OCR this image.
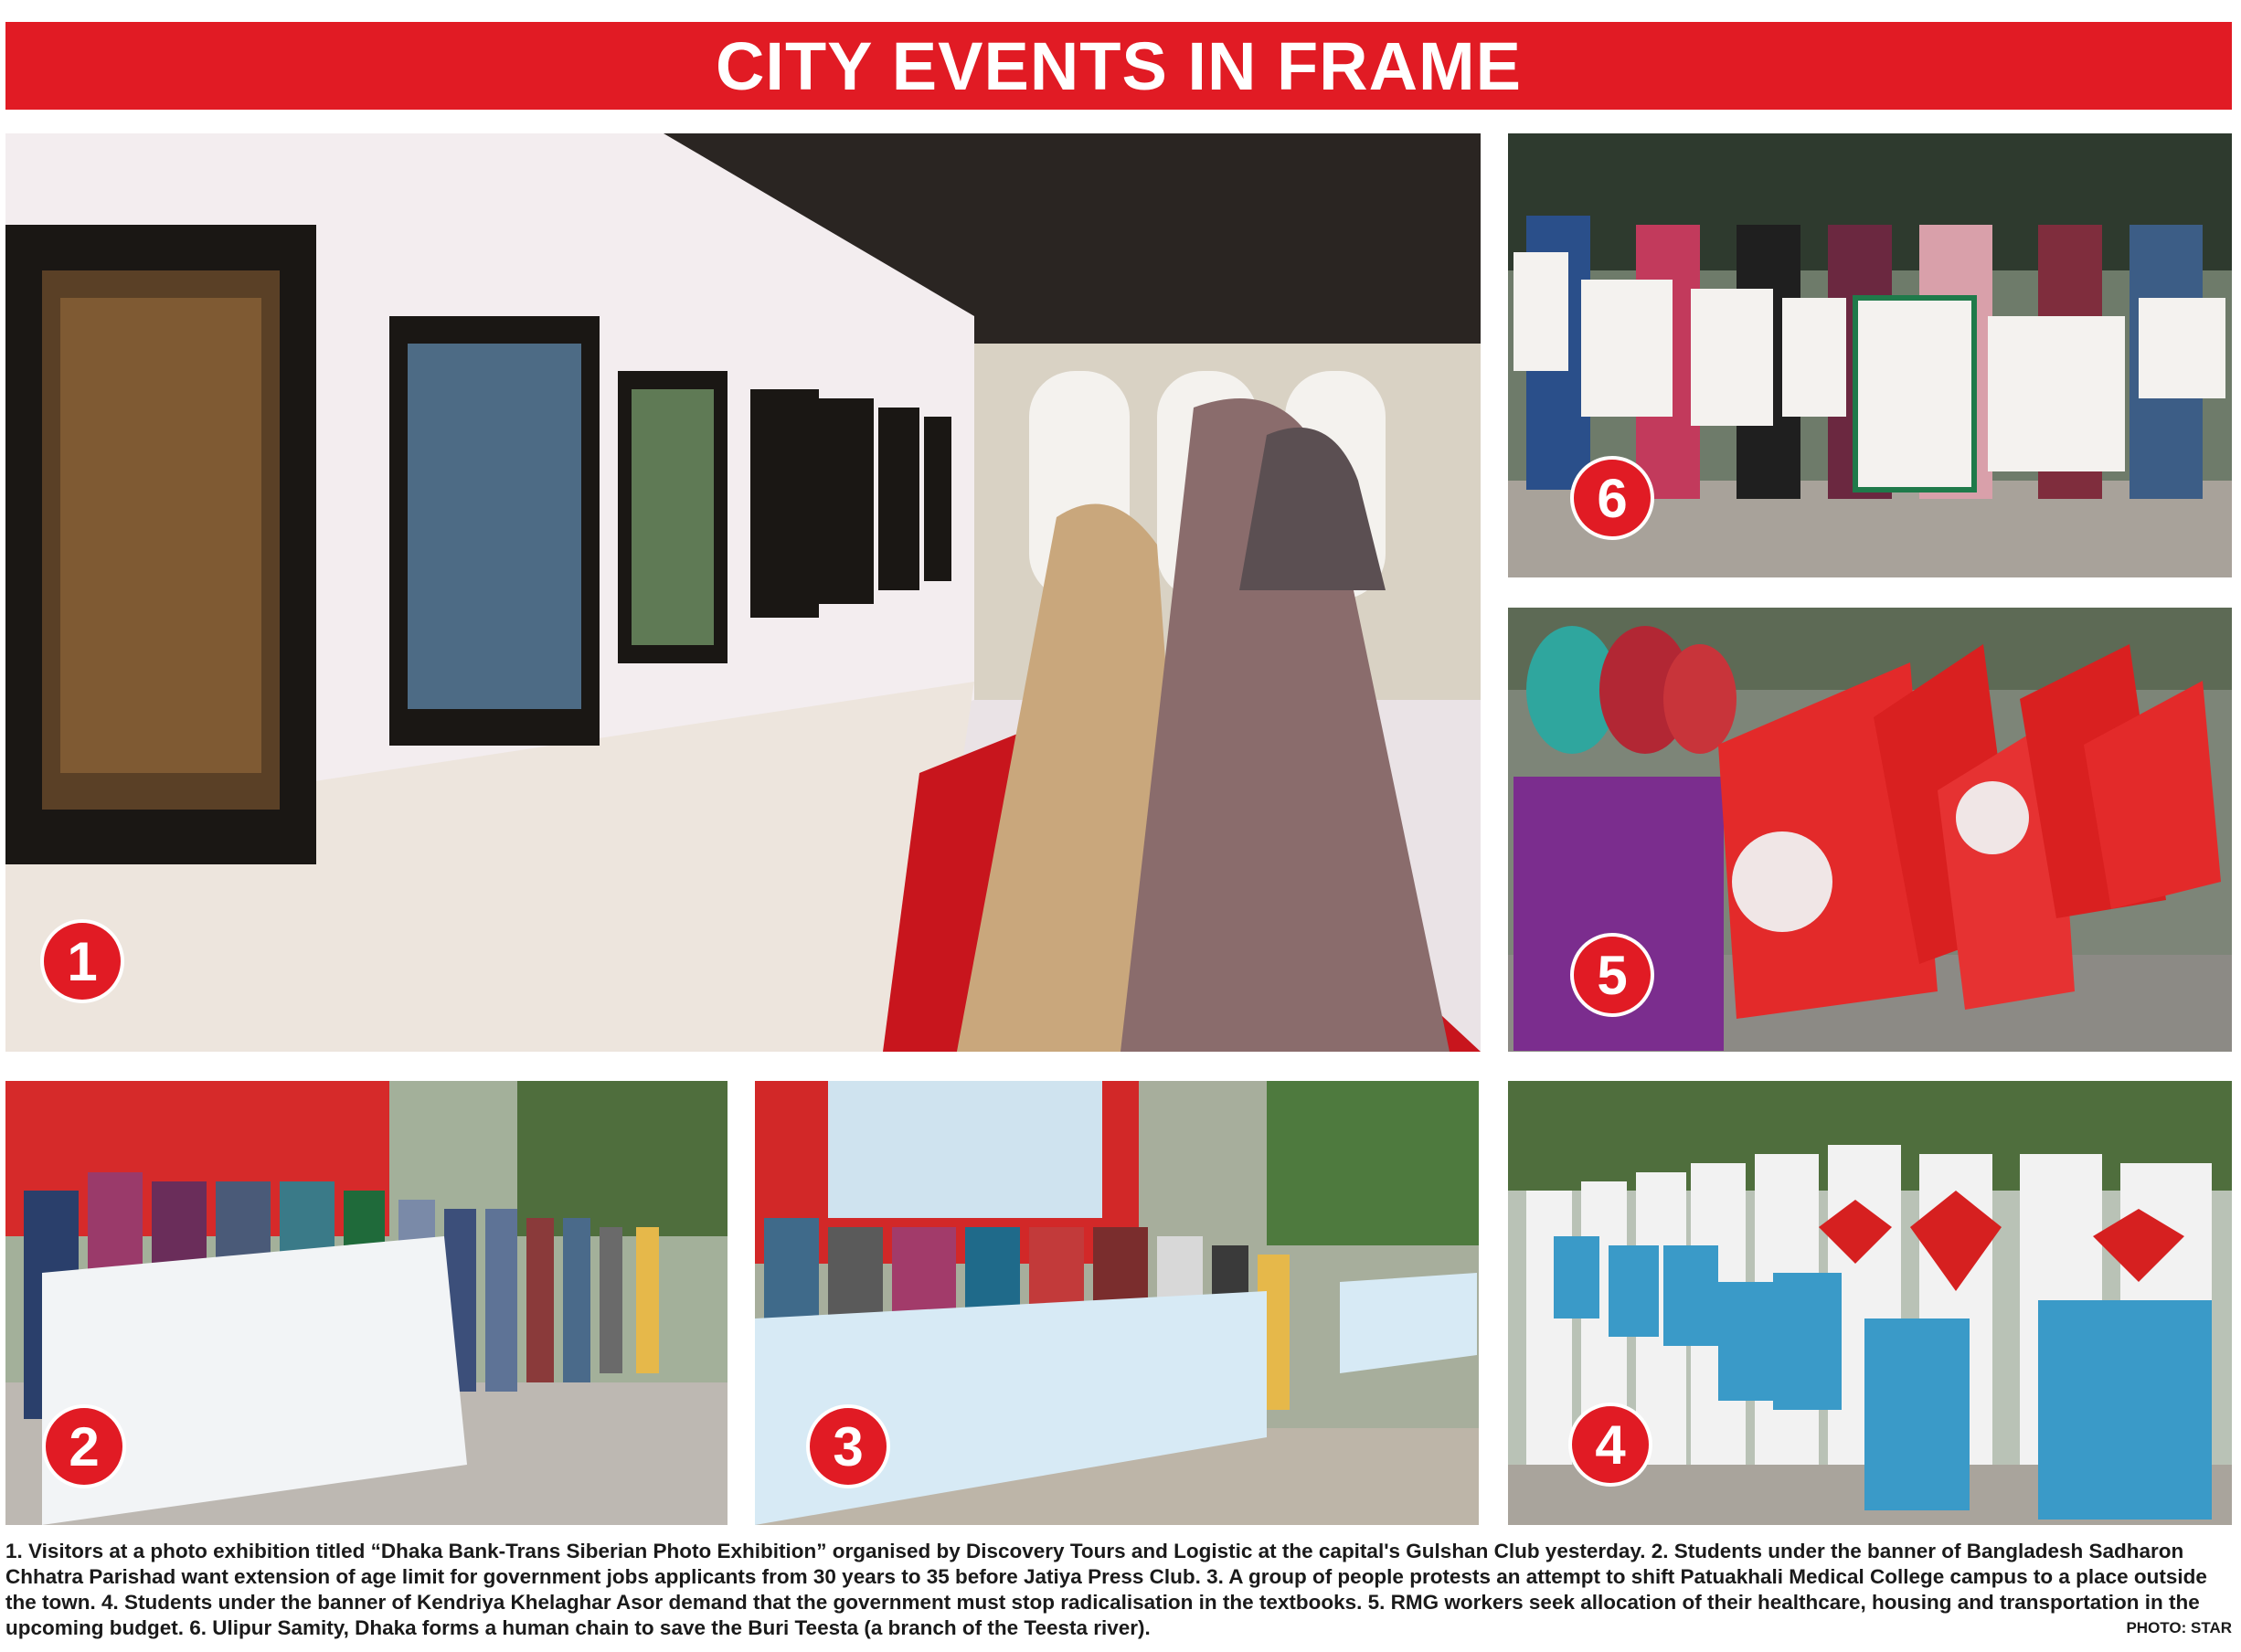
CITY EVENTS IN FRAME
1
6
5
2	3	4
1. Visitors at a photo exhibition titled “Dhaka Bank-Trans Siberian Photo Exhibition” organised by Discovery Tours and Logistic at the capital's Gulshan Club yesterday. 2. Students under the banner of Bangladesh Sadharon Chhatra Parishad want extension of age limit for government jobs applicants from 30 years to 35 before Jatiya Press Club. 3. A group of people protests an attempt to shift Patuakhali Medical College campus to a place outside the town. 4. Students under the banner of Kendriya Khelaghar Asor demand that the government must stop radicalisation in the textbooks. 5. RMG workers seek allocation of their healthcare, housing and transportation in the upcoming budget. 6. Ulipur Samity, Dhaka forms a human chain to save the Buri Teesta (a branch of the Teesta river).	PHOTO: STAR
